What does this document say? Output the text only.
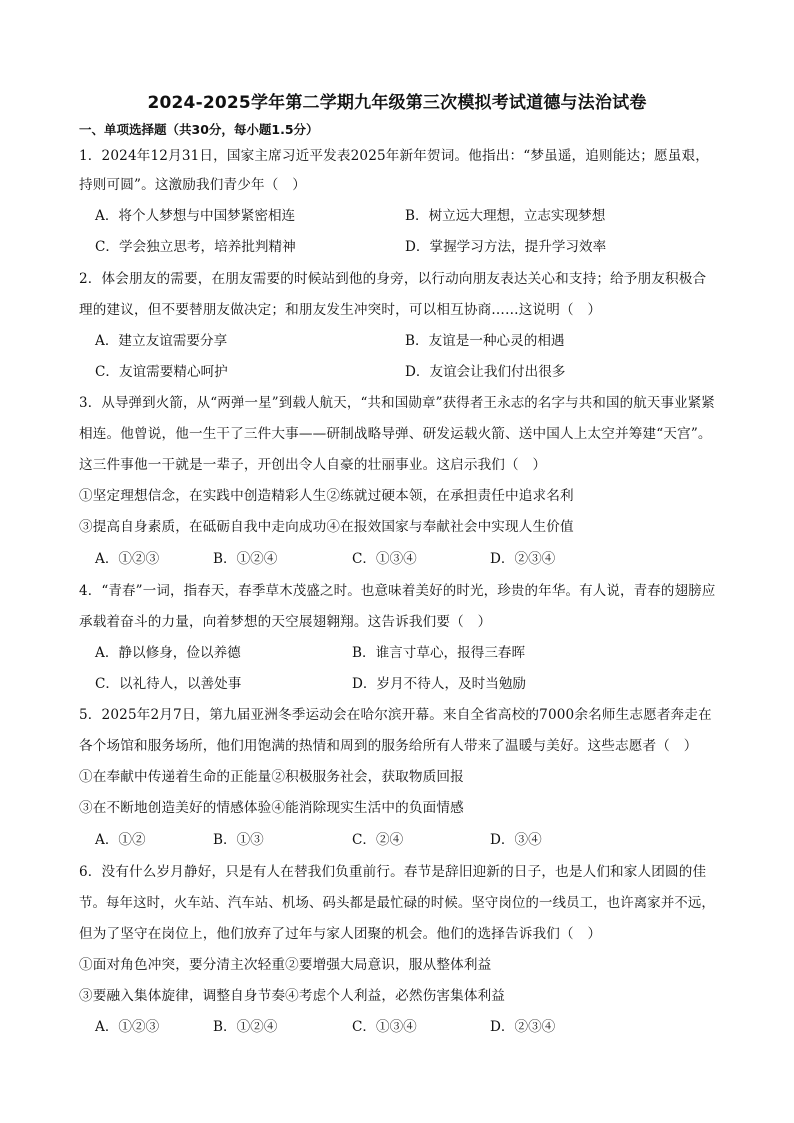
2024-2025学年第二学期九年级第三次模拟考试道德与法治试卷
一、单项选择题（共30分，每小题1.5分）
1．2024年12月31日，国家主席习近平发表2025年新年贺词。他指出：“梦虽遥，追则能达；愿虽艰，
持则可圆”。这激励我们青少年（　）
A．将个人梦想与中国梦紧密相连	B．树立远大理想，立志实现梦想
C．学会独立思考，培养批判精神	D．掌握学习方法，提升学习效率
2．体会朋友的需要，在朋友需要的时候站到他的身旁，以行动向朋友表达关心和支持；给予朋友积极合
理的建议，但不要替朋友做决定；和朋友发生冲突时，可以相互协商……这说明（　）
A．建立友谊需要分享	B．友谊是一种心灵的相遇
C．友谊需要精心呵护	D．友谊会让我们付出很多
3．从导弹到火箭，从“两弹一星”到载人航天，“共和国勋章”获得者王永志的名字与共和国的航天事业紧紧
相连。他曾说，他一生干了三件大事——研制战略导弹、研发运载火箭、送中国人上太空并筹建“天宫”。
这三件事他一干就是一辈子，开创出令人自豪的壮丽事业。这启示我们（　）
①坚定理想信念，在实践中创造精彩人生②练就过硬本领，在承担责任中追求名利
③提高自身素质，在砥砺自我中走向成功④在报效国家与奉献社会中实现人生价值
A．①②③	B．①②④	C．①③④	D．②③④
4．“青春”一词，指春天，春季草木茂盛之时。也意味着美好的时光，珍贵的年华。有人说，青春的翅膀应
承载着奋斗的力量，向着梦想的天空展翅翱翔。这告诉我们要（　）
A．静以修身，俭以养德	B．谁言寸草心，报得三春晖
C．以礼待人，以善处事	D．岁月不待人，及时当勉励
5．2025年2月7日，第九届亚洲冬季运动会在哈尔滨开幕。来自全省高校的7000余名师生志愿者奔走在
各个场馆和服务场所，他们用饱满的热情和周到的服务给所有人带来了温暖与美好。这些志愿者（　）
①在奉献中传递着生命的正能量②积极服务社会，获取物质回报
③在不断地创造美好的情感体验④能消除现实生活中的负面情感
A．①②	B．①③	C．②④	D．③④
6．没有什么岁月静好，只是有人在替我们负重前行。春节是辞旧迎新的日子，也是人们和家人团圆的佳
节。每年这时，火车站、汽车站、机场、码头都是最忙碌的时候。坚守岗位的一线员工，也许离家并不远，
但为了坚守在岗位上，他们放弃了过年与家人团聚的机会。他们的选择告诉我们（　）
①面对角色冲突，要分清主次轻重②要增强大局意识，服从整体利益
③要融入集体旋律，调整自身节奏④考虑个人利益，必然伤害集体利益
A．①②③	B．①②④	C．①③④	D．②③④
